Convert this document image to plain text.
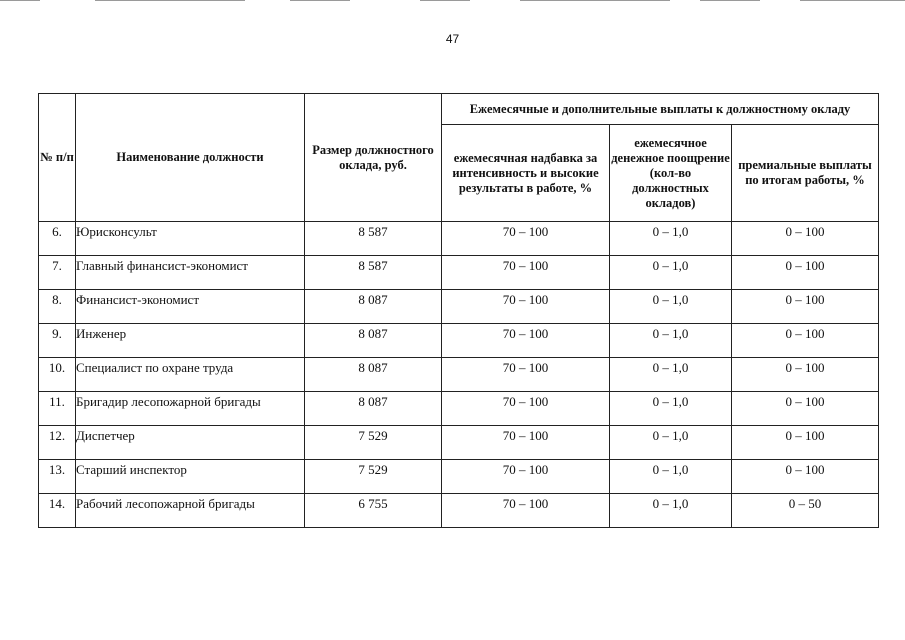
47
№ п/п	Наименование должности	Размер должностного оклада, руб.	Ежемесячные и дополнительные выплаты к должностному окладу		
			ежемесячная надбавка за интенсивность и высокие результаты в работе, %	ежемесячное денежное поощрение (кол-во должностных окладов)	премиальные выплаты по итогам работы, %
6.	Юрисконсульт	8 587	70 – 100	0 – 1,0	0 – 100
7.	Главный финансист-экономист	8 587	70 – 100	0 – 1,0	0 – 100
8.	Финансист-экономист	8 087	70 – 100	0 – 1,0	0 – 100
9.	Инженер	8 087	70 – 100	0 – 1,0	0 – 100
10.	Специалист по охране труда	8 087	70 – 100	0 – 1,0	0 – 100
11.	Бригадир лесопожарной бригады	8 087	70 – 100	0 – 1,0	0 – 100
12.	Диспетчер	7 529	70 – 100	0 – 1,0	0 – 100
13.	Старший инспектор	7 529	70 – 100	0 – 1,0	0 – 100
14.	Рабочий лесопожарной бригады	6 755	70 – 100	0 – 1,0	0 – 50
